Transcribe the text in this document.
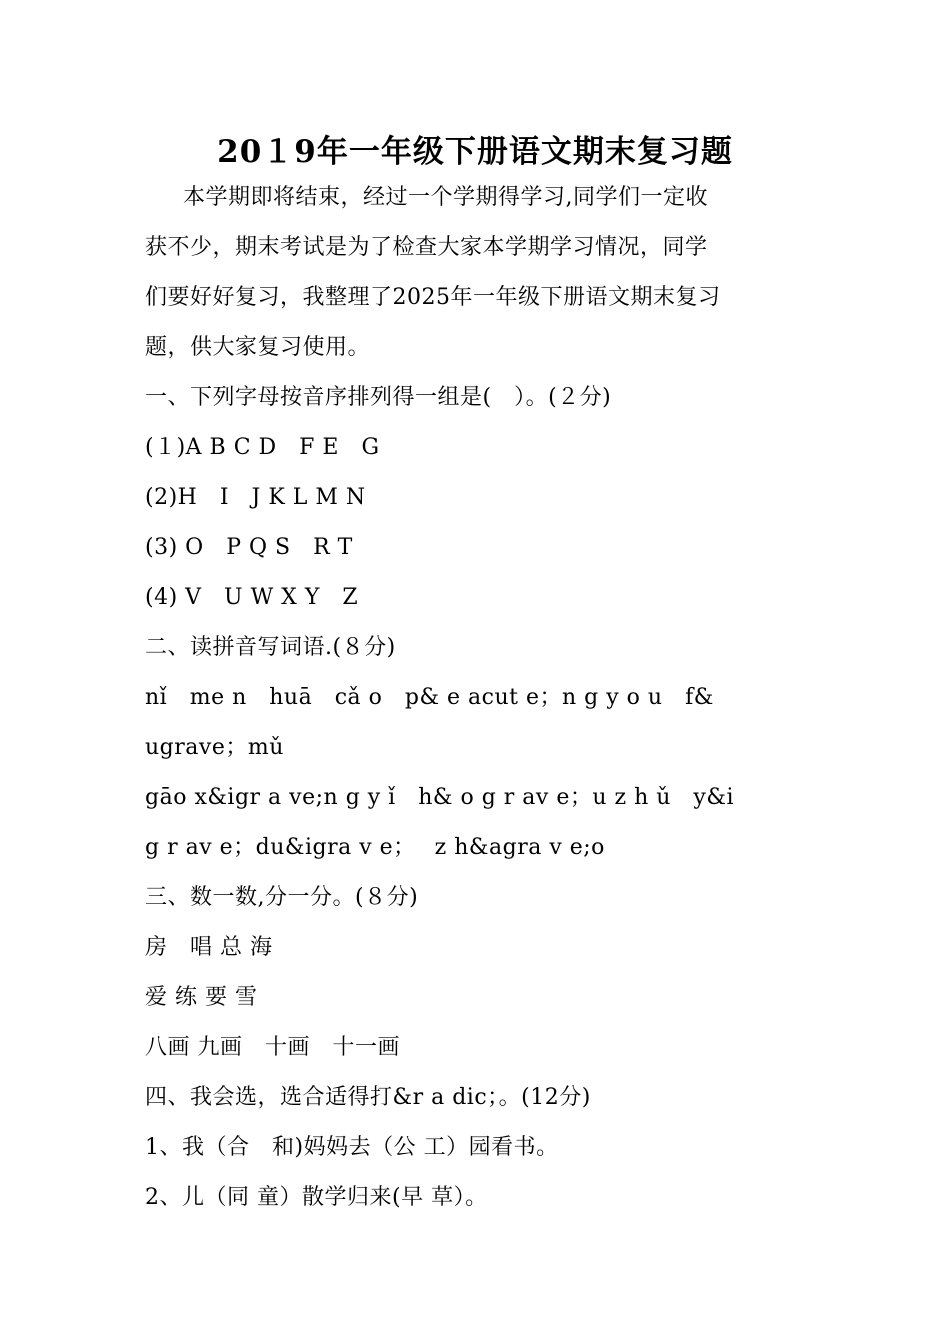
20１9年一年级下册语文期末复习题
本学期即将结束，经过一个学期得学习,同学们一定收
获不少，期末考试是为了检查大家本学期学习情况，同学
们要好好复习，我整理了2025年一年级下册语文期末复习
题，供大家复习使用。
一、下列字母按音序排列得一组是(　）。(２分)
(１)A B C D　F E　G
(2)H　I　J K L M N
(3) O　P Q S　R T
(4) V　U W X Y　Z
二、读拼音写词语.(８分)
nǐ　me n　huā　cǎ o　p& e acut e；n g y o u　f&
ugrave；mǔ
gāo x&igr a ve;n g y ǐ　h& o g r av e；u z h ǔ　y&i
g r av e；du&igra v e；　 z h&agra v e;o
三、数一数,分一分。(８分)
房　唱 总 海
爱 练 要 雪
八画 九画　十画　十一画
四、我会选，选合适得打&r a dic；。(12分)
1、我（合　和)妈妈去（公 工）园看书。
2、儿（同 童）散学归来(早 草）。
